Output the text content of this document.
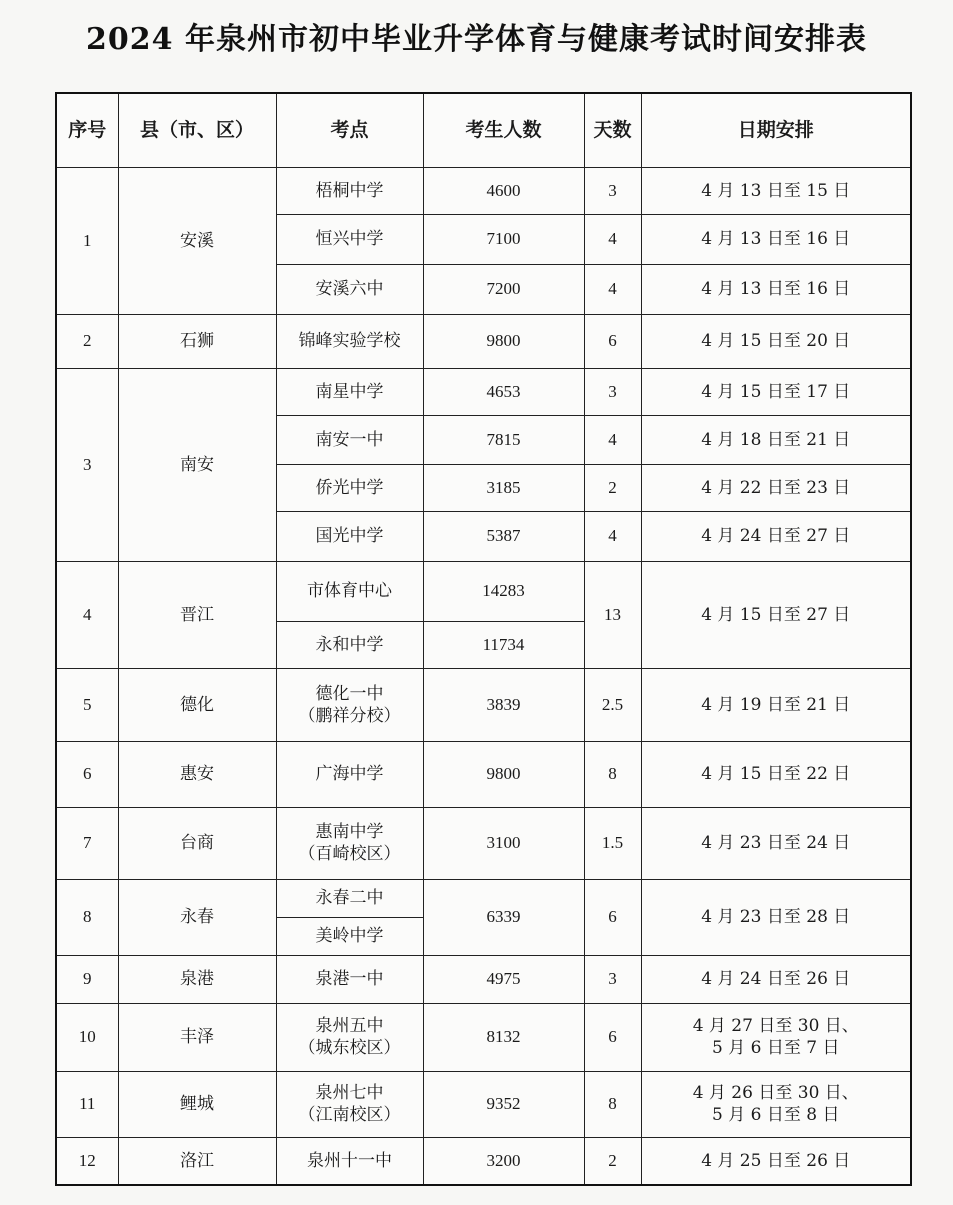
2024 年泉州市初中毕业升学体育与健康考试时间安排表
序号	县（市、区）	考点	考生人数	天数	日期安排
1	安溪	梧桐中学	4600	3	4 月 13 日至 15 日
		恒兴中学	7100	4	4 月 13 日至 16 日
		安溪六中	7200	4	4 月 13 日至 16 日
2	石狮	锦峰实验学校	9800	6	4 月 15 日至 20 日
3	南安	南星中学	4653	3	4 月 15 日至 17 日
		南安一中	7815	4	4 月 18 日至 21 日
		侨光中学	3185	2	4 月 22 日至 23 日
		国光中学	5387	4	4 月 24 日至 27 日
4	晋江	市体育中心	14283	13	4 月 15 日至 27 日
		永和中学	11734		
5	德化	德化一中
（鹏祥分校）	3839	2.5	4 月 19 日至 21 日
6	惠安	广海中学	9800	8	4 月 15 日至 22 日
7	台商	惠南中学
（百崎校区）	3100	1.5	4 月 23 日至 24 日
8	永春	永春二中	6339	6	4 月 23 日至 28 日
		美岭中学			
9	泉港	泉港一中	4975	3	4 月 24 日至 26 日
10	丰泽	泉州五中
（城东校区）	8132	6	4 月 27 日至 30 日、
5 月 6 日至 7 日

11	鲤城	泉州七中
（江南校区）	9352	8	4 月 26 日至 30 日、
5 月 6 日至 8 日

12	洛江	泉州十一中	3200	2	4 月 25 日至 26 日
